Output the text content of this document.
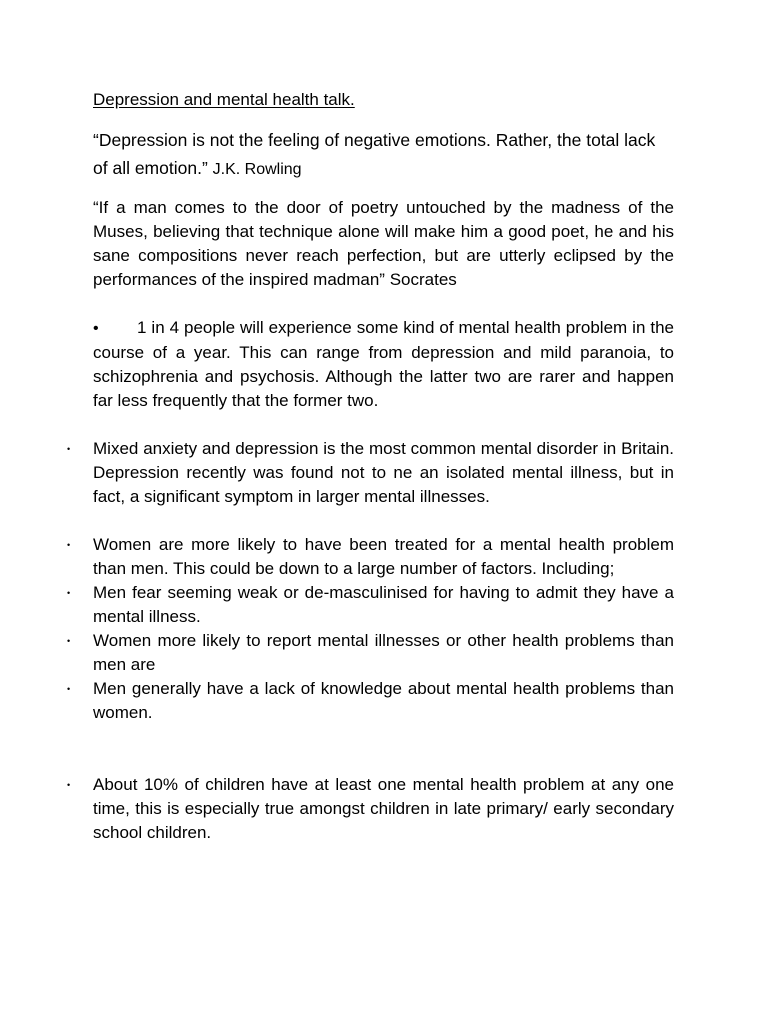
Depression and mental health talk.

“Depression is not the feeling of negative emotions. Rather, the total lack of all emotion.” J.K. Rowling

“If a man comes to the door of poetry untouched by the madness of the Muses, believing that technique alone will make him a good poet, he and his sane compositions never reach perfection, but are utterly eclipsed by the performances of the inspired madman” Socrates

• 1 in 4 people will experience some kind of mental health problem in the course of a year. This can range from depression and mild paranoia, to schizophrenia and psychosis. Although the latter two are rarer and happen far less frequently that the former two.

• Mixed anxiety and depression is the most common mental disorder in Britain. Depression recently was found not to ne an isolated mental illness, but in fact, a significant symptom in larger mental illnesses.
• Women are more likely to have been treated for a mental health problem than men. This could be down to a large number of factors. Including;
• Men fear seeming weak or de-masculinised for having to admit they have a mental illness.
• Women more likely to report mental illnesses or other health problems than men are
• Men generally have a lack of knowledge about mental health problems than women.
• About 10% of children have at least one mental health problem at any one time, this is especially true amongst children in late primary/ early secondary school children.
